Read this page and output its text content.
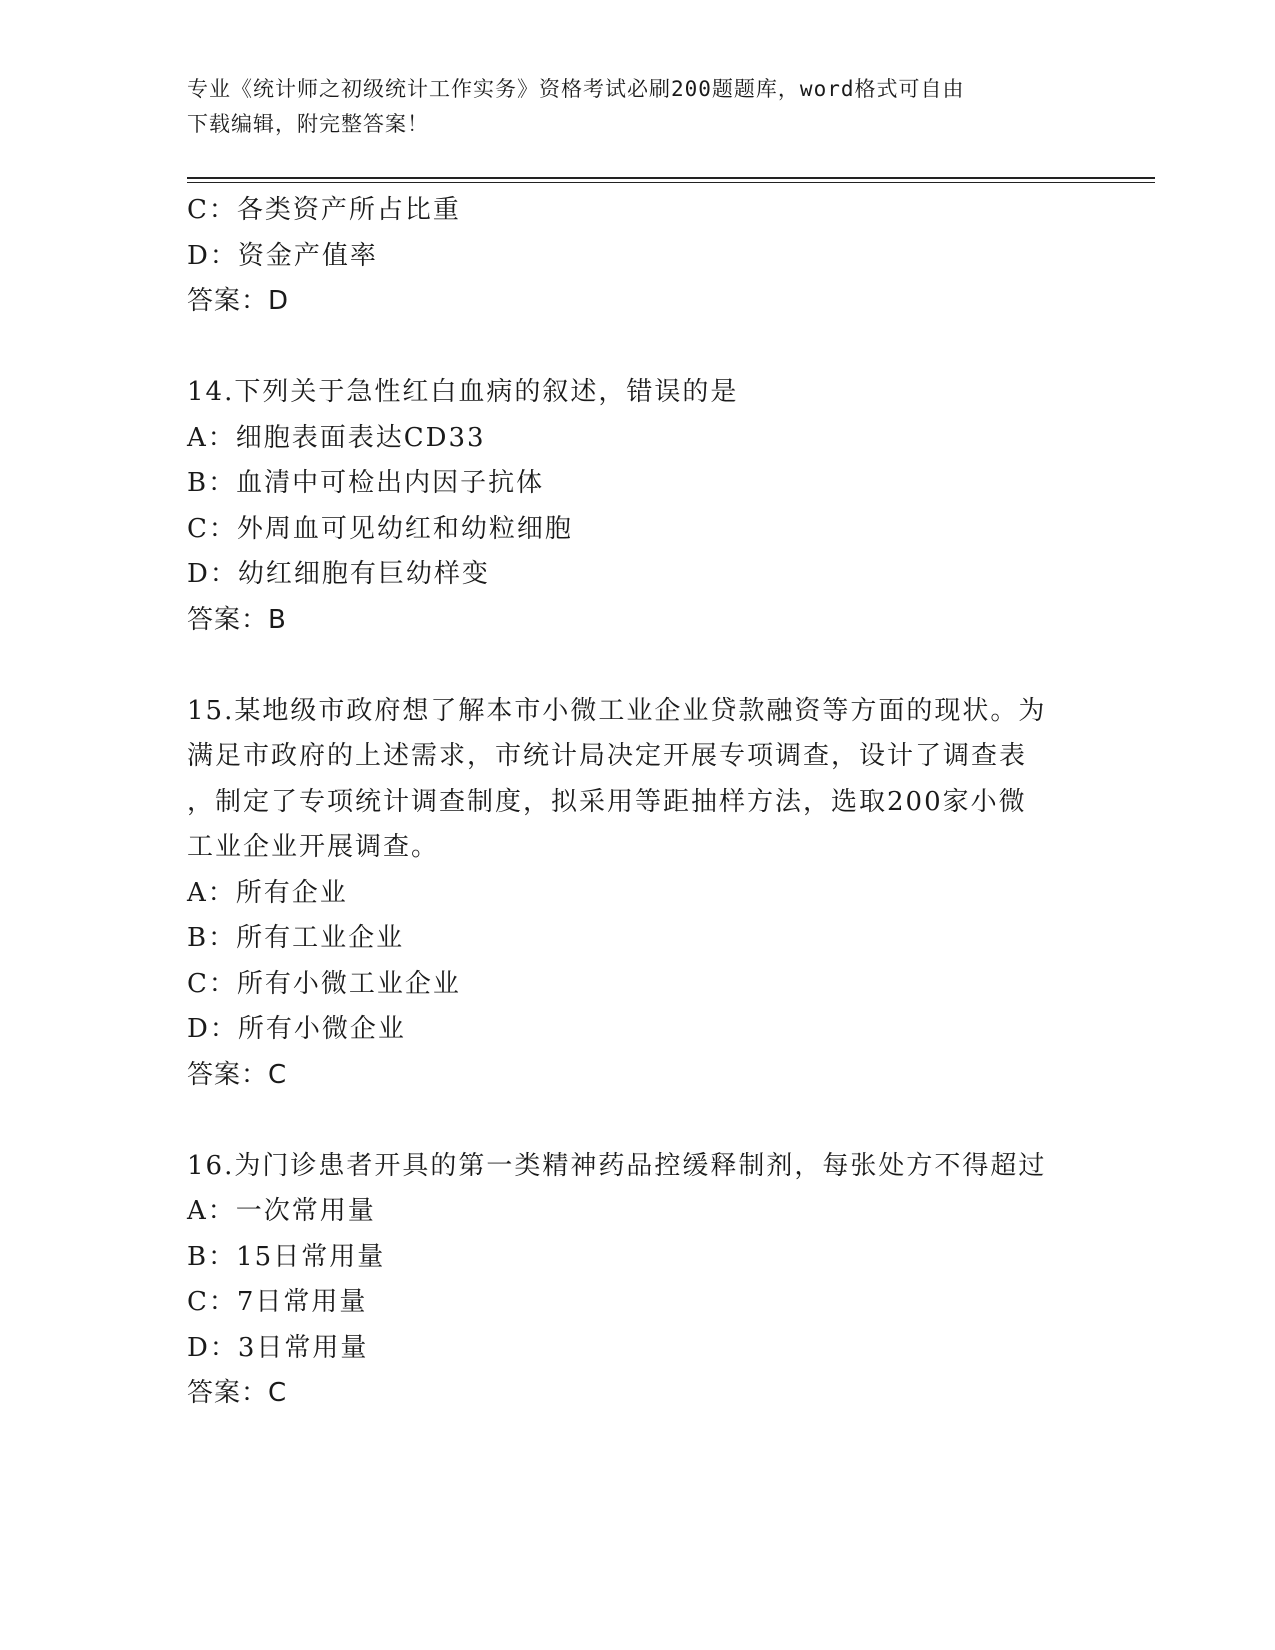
专业《统计师之初级统计工作实务》资格考试必刷200题题库，word格式可自由
下载编辑，附完整答案！
C：各类资产所占比重
D：资金产值率
答案：D
14.下列关于急性红白血病的叙述，错误的是
A：细胞表面表达CD33
B：血清中可检出内因子抗体
C：外周血可见幼红和幼粒细胞
D：幼红细胞有巨幼样变
答案：B
15.某地级市政府想了解本市小微工业企业贷款融资等方面的现状。为
满足市政府的上述需求，市统计局决定开展专项调查，设计了调查表
，制定了专项统计调查制度，拟采用等距抽样方法，选取200家小微
工业企业开展调查。
A：所有企业
B：所有工业企业
C：所有小微工业企业
D：所有小微企业
答案：C
16.为门诊患者开具的第一类精神药品控缓释制剂，每张处方不得超过
A：一次常用量
B：15日常用量
C：7日常用量
D：3日常用量
答案：C
